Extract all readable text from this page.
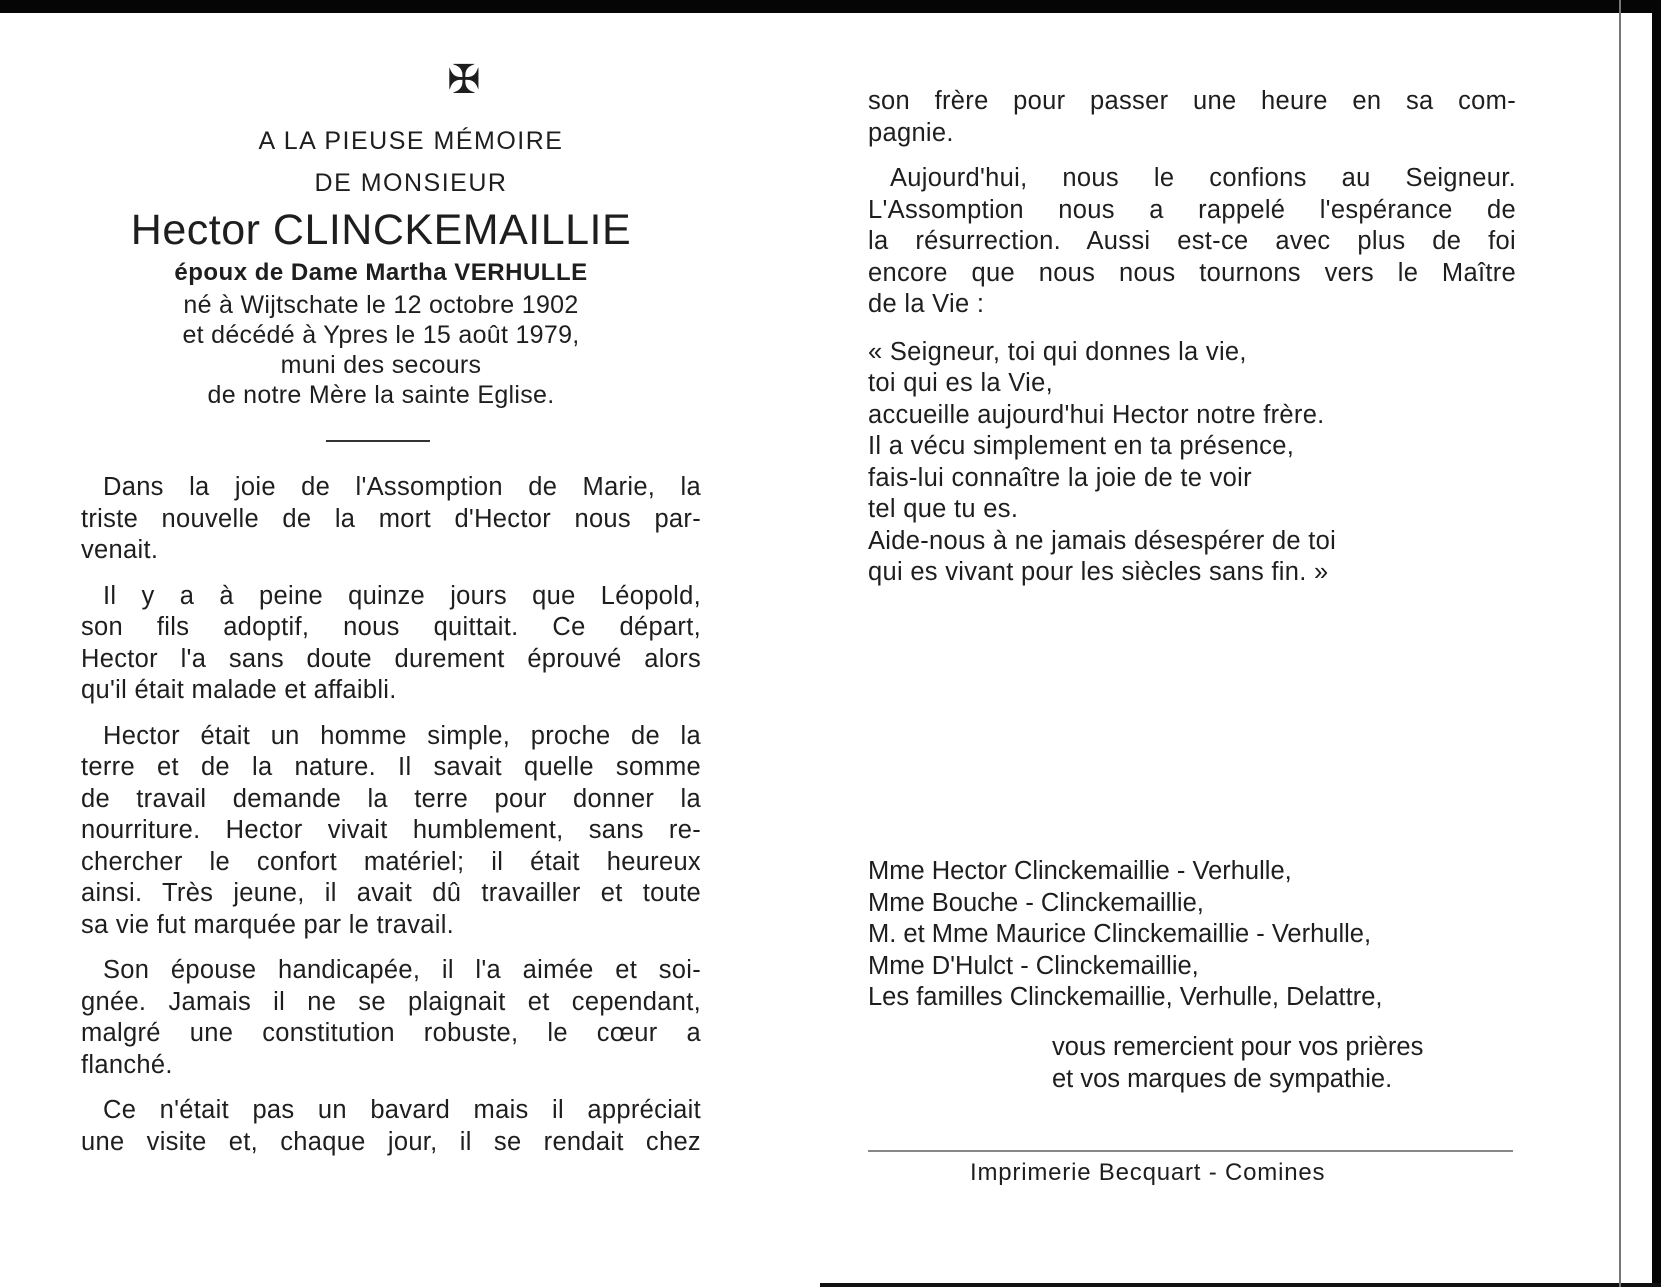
✠
A LA PIEUSE MÉMOIRE
DE MONSIEUR
Hector CLINCKEMAILLIE
époux de Dame Martha VERHULLE
né à Wijtschate le 12 octobre 1902
et décédé à Ypres le 15 août 1979,
muni des secours
de notre Mère la sainte Eglise.
Dans la joie de l'Assomption de Marie, la
triste nouvelle de la mort d'Hector nous par-
venait.
Il y a à peine quinze jours que Léopold,
son fils adoptif, nous quittait. Ce départ,
Hector l'a sans doute durement éprouvé alors
qu'il était malade et affaibli.
Hector était un homme simple, proche de la
terre et de la nature. Il savait quelle somme
de travail demande la terre pour donner la
nourriture. Hector vivait humblement, sans re-
chercher le confort matériel; il était heureux
ainsi. Très jeune, il avait dû travailler et toute
sa vie fut marquée par le travail.
Son épouse handicapée, il l'a aimée et soi-
gnée. Jamais il ne se plaignait et cependant,
malgré une constitution robuste, le cœur a
flanché.
Ce n'était pas un bavard mais il appréciait
une visite et, chaque jour, il se rendait chez
son frère pour passer une heure en sa com-
pagnie.
Aujourd'hui, nous le confions au Seigneur.
L'Assomption nous a rappelé l'espérance de
la résurrection. Aussi est-ce avec plus de foi
encore que nous nous tournons vers le Maître
de la Vie :
« Seigneur, toi qui donnes la vie,
toi qui es la Vie,
accueille aujourd'hui Hector notre frère.
Il a vécu simplement en ta présence,
fais-lui connaître la joie de te voir
tel que tu es.
Aide-nous à ne jamais désespérer de toi
qui es vivant pour les siècles sans fin. »
Mme Hector Clinckemaillie - Verhulle,
Mme Bouche - Clinckemaillie,
M. et Mme Maurice Clinckemaillie - Verhulle,
Mme D'Hulct - Clinckemaillie,
Les familles Clinckemaillie, Verhulle, Delattre,
vous remercient pour vos prières
et vos marques de sympathie.
Imprimerie Becquart - Comines
